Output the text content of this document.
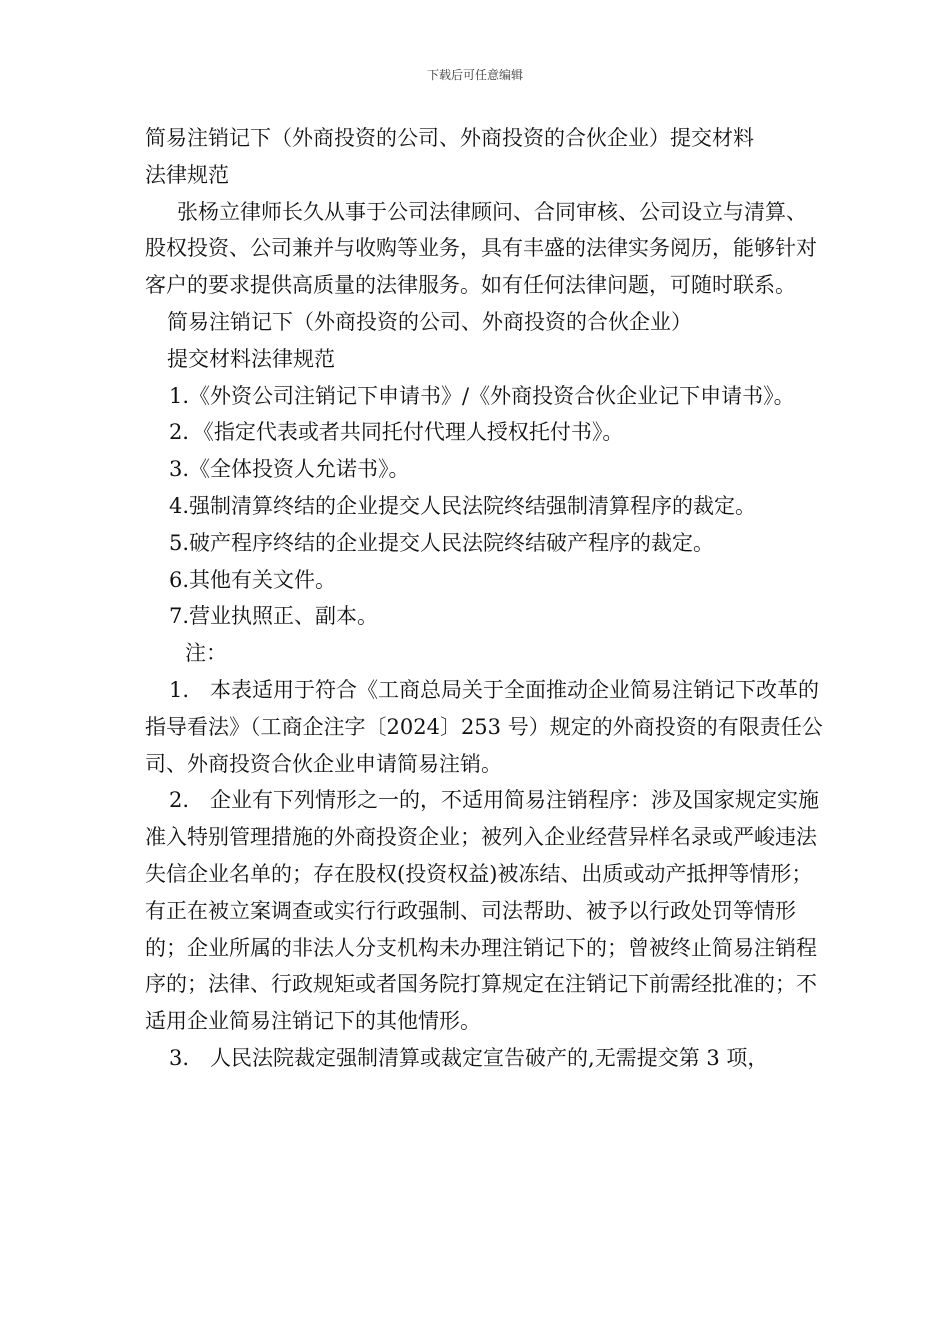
下载后可任意编辑

简易注销记下（外商投资的公司、外商投资的合伙企业）提交材料

法律规范

张杨立律师长久从事于公司法律顾问、合同审核、公司设立与清算、股权投资、公司兼并与收购等业务，具有丰盛的法律实务阅历，能够针对客户的要求提供高质量的法律服务。如有任何法律问题，可随时联系。

简易注销记下（外商投资的公司、外商投资的合伙企业）

提交材料法律规范

1.《外资公司注销记下申请书》/《外商投资合伙企业记下申请书》。

2．《指定代表或者共同托付代理人授权托付书》。

3.《全体投资人允诺书》。

4.强制清算终结的企业提交人民法院终结强制清算程序的裁定。

5.破产程序终结的企业提交人民法院终结破产程序的裁定。

6.其他有关文件。

7.营业执照正、副本。

注：

1.　本表适用于符合《工商总局关于全面推动企业简易注销记下改革的指导看法》（工商企注字〔2024〕253 号）规定的外商投资的有限责任公司、外商投资合伙企业申请简易注销。

2.　企业有下列情形之一的，不适用简易注销程序：涉及国家规定实施准入特别管理措施的外商投资企业；被列入企业经营异样名录或严峻违法失信企业名单的；存在股权(投资权益)被冻结、出质或动产抵押等情形；有正在被立案调查或实行行政强制、司法帮助、被予以行政处罚等情形的；企业所属的非法人分支机构未办理注销记下的；曾被终止简易注销程序的；法律、行政规矩或者国务院打算规定在注销记下前需经批准的；不适用企业简易注销记下的其他情形。

3.　人民法院裁定强制清算或裁定宣告破产的,无需提交第 3 项，
